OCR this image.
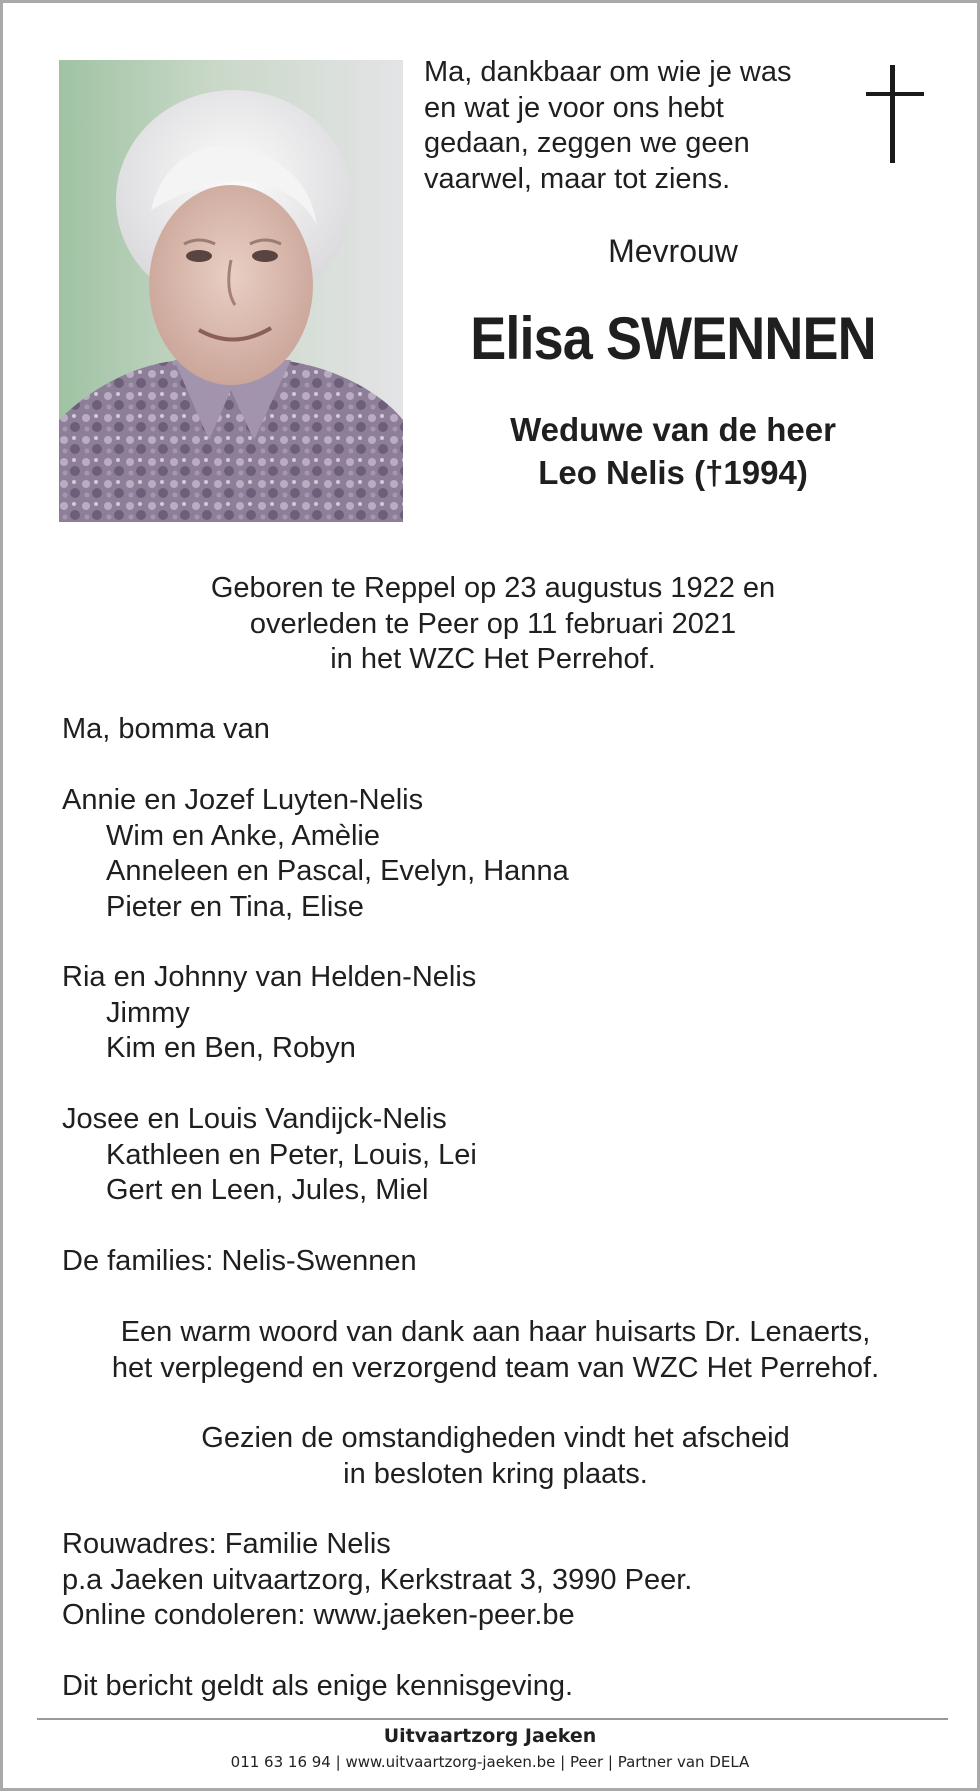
Ma, dankbaar om wie je was
en wat je voor ons hebt
gedaan, zeggen we geen
vaarwel, maar tot ziens.
Mevrouw
Elisa SWENNEN
Weduwe van de heer
Leo Nelis (†1994)
Geboren te Reppel op 23 augustus 1922 en
overleden te Peer op 11 februari 2021
in het WZC Het Perrehof.
Ma, bomma van
Annie en Jozef Luyten-Nelis
Wim en Anke, Amèlie
Anneleen en Pascal, Evelyn, Hanna
Pieter en Tina, Elise
Ria en Johnny van Helden-Nelis
Jimmy
Kim en Ben, Robyn
Josee en Louis Vandijck-Nelis
Kathleen en Peter, Louis, Lei
Gert en Leen, Jules, Miel
De families: Nelis-Swennen
Een warm woord van dank aan haar huisarts Dr. Lenaerts,
het verplegend en verzorgend team van WZC Het Perrehof.
Gezien de omstandigheden vindt het afscheid
in besloten kring plaats.
Rouwadres: Familie Nelis
p.a Jaeken uitvaartzorg, Kerkstraat 3, 3990 Peer.
Online condoleren: www.jaeken-peer.be
Dit bericht geldt als enige kennisgeving.
Uitvaartzorg Jaeken
011 63 16 94 | www.uitvaartzorg-jaeken.be | Peer | Partner van DELA
